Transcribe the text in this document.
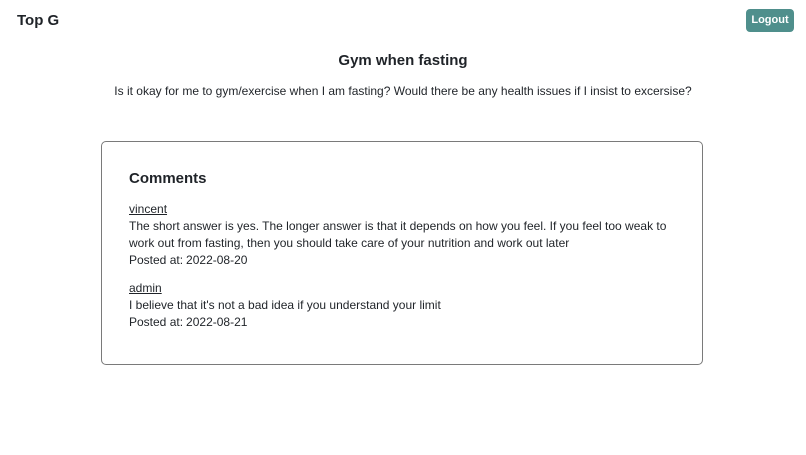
Top G	Logout
Gym when fasting

Is it okay for me to gym/exercise when I am fasting? Would there be any health issues if I insist to excersise?

Comments
vincent
The short answer is yes. The longer answer is that it depends on how you feel. If you feel too weak to work out from fasting, then you should take care of your nutrition and work out later
Posted at: 2022-08-20
admin
I believe that it's not a bad idea if you understand your limit
Posted at: 2022-08-21
